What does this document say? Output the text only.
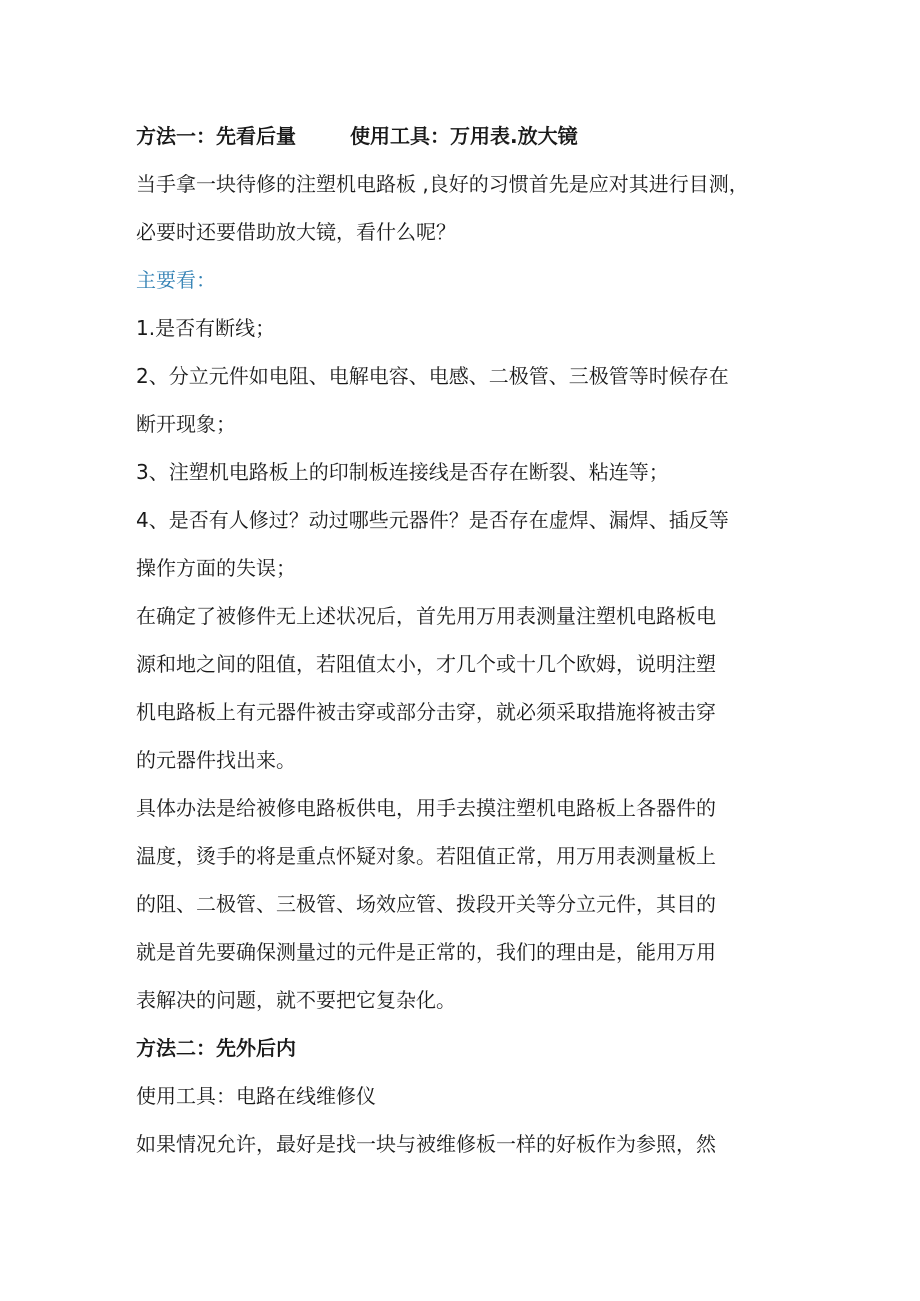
方法一：先看后量	使用工具：万用表.放大镜
当手拿一块待修的注塑机电路板 ,良好的习惯首先是应对其进行目测，
必要时还要借助放大镜，看什么呢？
主要看：
1.是否有断线；
2、分立元件如电阻、电解电容、电感、二极管、三极管等时候存在
断开现象；
3、注塑机电路板上的印制板连接线是否存在断裂、粘连等；
4、是否有人修过？动过哪些元器件？是否存在虚焊、漏焊、插反等
操作方面的失误；
在确定了被修件无上述状况后，首先用万用表测量注塑机电路板电
源和地之间的阻值，若阻值太小，才几个或十几个欧姆，说明注塑
机电路板上有元器件被击穿或部分击穿，就必须采取措施将被击穿
的元器件找出来。
具体办法是给被修电路板供电，用手去摸注塑机电路板上各器件的
温度，烫手的将是重点怀疑对象。若阻值正常，用万用表测量板上
的阻、二极管、三极管、场效应管、拨段开关等分立元件，其目的
就是首先要确保测量过的元件是正常的，我们的理由是，能用万用
表解决的问题，就不要把它复杂化。
方法二：先外后内
使用工具：电路在线维修仪
如果情况允许，最好是找一块与被维修板一样的好板作为参照，然
